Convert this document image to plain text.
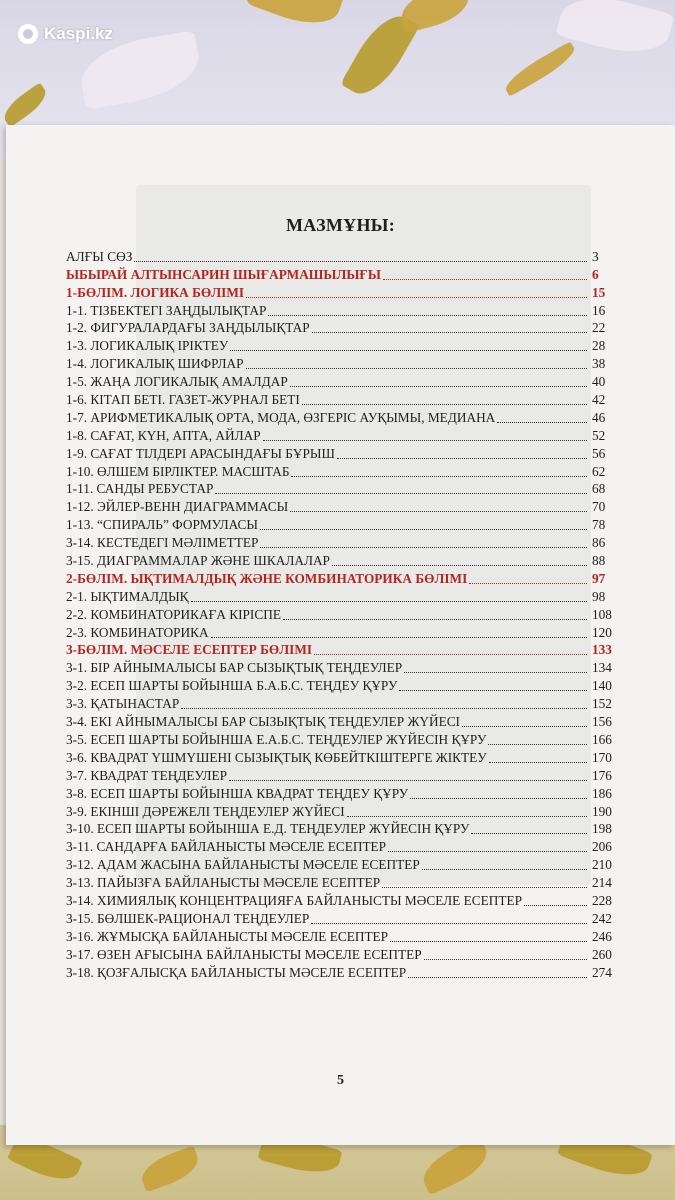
Kaspi.kz
МАЗМҰНЫ:
АЛҒЫ СӨЗ	3
ЫБЫРАЙ АЛТЫНСАРИН ШЫҒАРМАШЫЛЫҒЫ	6
1-БӨЛІМ. ЛОГИКА БӨЛІМІ	15
1-1. ТІЗБЕКТЕГІ ЗАҢДЫЛЫҚТАР	16
1-2. ФИГУРАЛАРДАҒЫ ЗАҢДЫЛЫҚТАР	22
1-3. ЛОГИКАЛЫҚ ІРІКТЕУ	28
1-4. ЛОГИКАЛЫҚ ШИФРЛАР	38
1-5. ЖАҢА ЛОГИКАЛЫҚ АМАЛДАР	40
1-6. КІТАП БЕТІ. ГАЗЕТ-ЖУРНАЛ БЕТІ	42
1-7. АРИФМЕТИКАЛЫҚ ОРТА, МОДА, ӨЗГЕРІС АУҚЫМЫ, МЕДИАНА	46
1-8. САҒАТ, КҮН, АПТА, АЙЛАР	52
1-9. САҒАТ ТІЛДЕРІ АРАСЫНДАҒЫ БҰРЫШ	56
1-10. ӨЛШЕМ БІРЛІКТЕР. МАСШТАБ	62
1-11. САНДЫ РЕБУСТАР	68
1-12. ЭЙЛЕР-ВЕНН ДИАГРАММАСЫ	70
1-13. “СПИРАЛЬ” ФОРМУЛАСЫ	78
3-14. КЕСТЕДЕГІ МӘЛІМЕТТЕР	86
3-15. ДИАГРАММАЛАР ЖӘНЕ ШКАЛАЛАР	88
2-БӨЛІМ. ЫҚТИМАЛДЫҚ ЖӘНЕ КОМБИНАТОРИКА БӨЛІМІ	97
2-1. ЫҚТИМАЛДЫҚ	98
2-2. КОМБИНАТОРИКАҒА КІРІСПЕ	108
2-3. КОМБИНАТОРИКА	120
3-БӨЛІМ. МӘСЕЛЕ ЕСЕПТЕР БӨЛІМІ	133
3-1. БІР АЙНЫМАЛЫСЫ БАР СЫЗЫҚТЫҚ ТЕҢДЕУЛЕР	134
3-2. ЕСЕП ШАРТЫ БОЙЫНША Б.А.Б.С. ТЕҢДЕУ ҚҰРУ	140
3-3. ҚАТЫНАСТАР	152
3-4. ЕКІ АЙНЫМАЛЫСЫ БАР СЫЗЫҚТЫҚ ТЕҢДЕУЛЕР ЖҮЙЕСІ	156
3-5. ЕСЕП ШАРТЫ БОЙЫНША Е.А.Б.С. ТЕҢДЕУЛЕР ЖҮЙЕСІН ҚҰРУ	166
3-6. КВАДРАТ ҮШМҮШЕНІ СЫЗЫҚТЫҚ КӨБЕЙТКІШТЕРГЕ ЖІКТЕУ	170
3-7. КВАДРАТ ТЕҢДЕУЛЕР	176
3-8. ЕСЕП ШАРТЫ БОЙЫНША КВАДРАТ ТЕҢДЕУ ҚҰРУ	186
3-9. ЕКІНШІ ДӘРЕЖЕЛІ ТЕҢДЕУЛЕР ЖҮЙЕСІ	190
3-10. ЕСЕП ШАРТЫ БОЙЫНША Е.Д. ТЕҢДЕУЛЕР ЖҮЙЕСІН ҚҰРУ	198
3-11. САНДАРҒА БАЙЛАНЫСТЫ МӘСЕЛЕ ЕСЕПТЕР	206
3-12. АДАМ ЖАСЫНА БАЙЛАНЫСТЫ МӘСЕЛЕ ЕСЕПТЕР	210
3-13. ПАЙЫЗҒА БАЙЛАНЫСТЫ МӘСЕЛЕ ЕСЕПТЕР	214
3-14. ХИМИЯЛЫҚ КОНЦЕНТРАЦИЯҒА БАЙЛАНЫСТЫ МӘСЕЛЕ ЕСЕПТЕР	228
3-15. БӨЛШЕК-РАЦИОНАЛ ТЕҢДЕУЛЕР	242
3-16. ЖҰМЫСҚА БАЙЛАНЫСТЫ МӘСЕЛЕ ЕСЕПТЕР	246
3-17. ӨЗЕН АҒЫСЫНА БАЙЛАНЫСТЫ МӘСЕЛЕ ЕСЕПТЕР	260
3-18. ҚОЗҒАЛЫСҚА БАЙЛАНЫСТЫ МӘСЕЛЕ ЕСЕПТЕР	274
5
